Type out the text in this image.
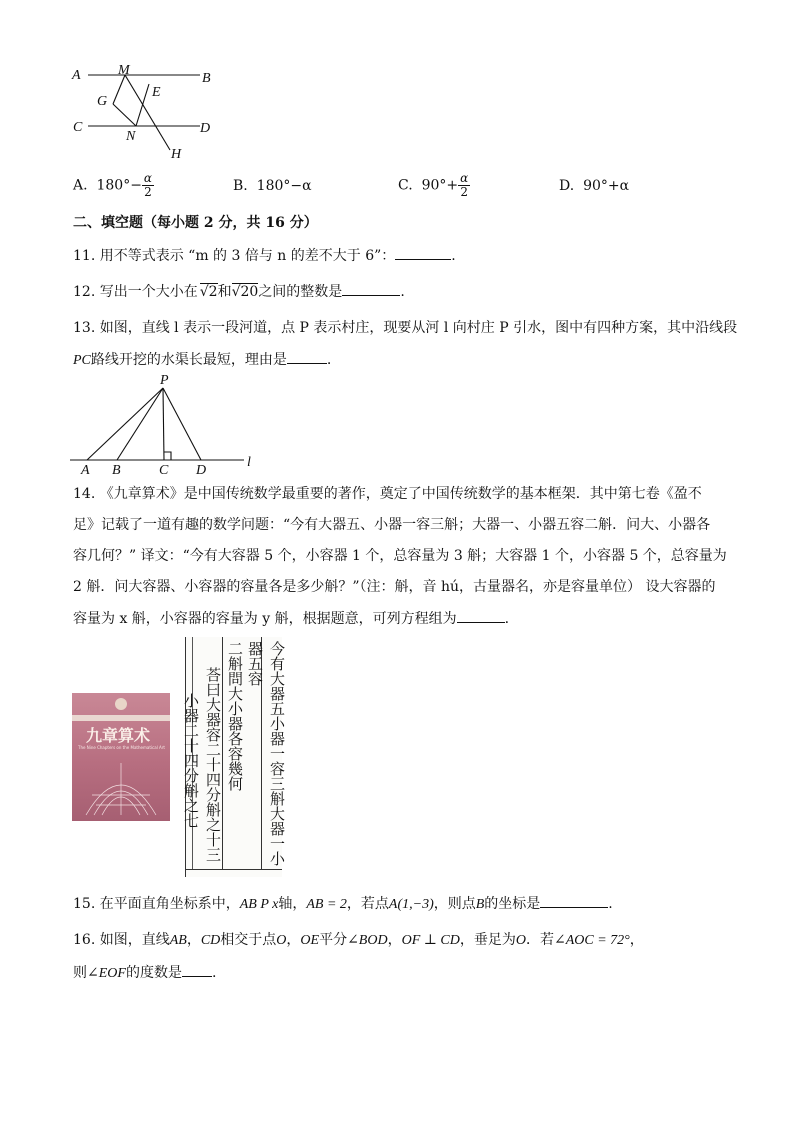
A	B
M
E
G
C	D
N
H
A. $180^\circ- \frac{\alpha}{2}$	B. 180°−α	C. $90^\circ+ \frac{\alpha}{2}$	D. 90°+α
二、填空题（每小题 2 分，共 16 分）
11. 用不等式表示 “m 的 3 倍与 n 的差不大于 6”：	.
12. 写出一个大小在 √2和√20之间的整数是	.
13. 如图，直线 l 表示一段河道，点 P 表示村庄，现要从河 l 向村庄 P 引水，图中有四种方案，其中沿线段
PC路线开挖的水渠长最短，理由是	.
P
A B	C D
l
14. 《九章算术》是中国传统数学最重要的著作，奠定了中国传统数学的基本框架．其中第七卷《盈不
足》记载了一道有趣的数学问题：“今有大器五、小器一容三斛；大器一、小器五容二斛．问大、小器各
容几何？” 译文：“今有大容器 5 个，小容器 1 个，总容量为 3 斛；大容器 1 个，小容器 5 个，总容量为
2 斛．问大容器、小容器的容量各是多少斛？”（注：斛，音 hú，古量器名，亦是容量单位） 设大容器的
容量为 x 斛，小容器的容量为 y 斛，根据题意，可列方程组为	.
九章算术
The Nine Chapters on the Mathematical Art	今有大器五小器一容三斛大器一小器五容
二斛問大小器各容幾何
荅曰大器容二十四分斛之十三
小器二十四分斛之七
15. 在平面直角坐标系中，AB P x轴，AB = 2，若点A(1,−3)，则点B的坐标是	.
16. 如图，直线AB，CD相交于点O，OE平分∠BOD，OF ⊥ CD，垂足为O．若∠AOC = 72°，
则∠EOF的度数是 .
